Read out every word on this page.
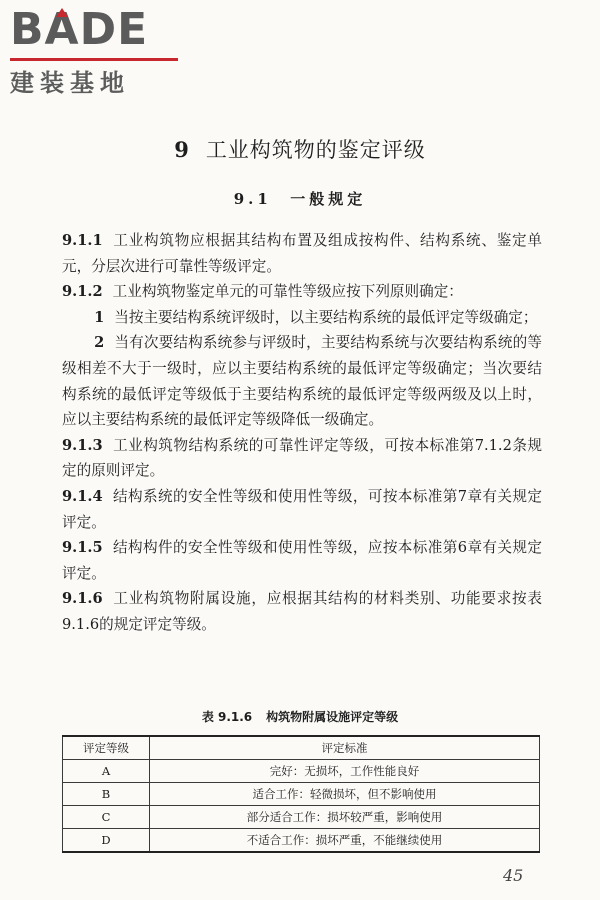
BADE
建装基地
9 工业构筑物的鉴定评级
9.1 一般规定

9.1.1 工业构筑物应根据其结构布置及组成按构件、结构系统、鉴定单元，分层次进行可靠性等级评定。

9.1.2 工业构筑物鉴定单元的可靠性等级应按下列原则确定：

1 当按主要结构系统评级时，以主要结构系统的最低评定等级确定；

2 当有次要结构系统参与评级时，主要结构系统与次要结构系统的等级相差不大于一级时，应以主要结构系统的最低评定等级确定；当次要结构系统的最低评定等级低于主要结构系统的最低评定等级两级及以上时，应以主要结构系统的最低评定等级降低一级确定。

9.1.3 工业构筑物结构系统的可靠性评定等级，可按本标准第7.1.2条规定的原则评定。

9.1.4 结构系统的安全性等级和使用性等级，可按本标准第7章有关规定评定。

9.1.5 结构构件的安全性等级和使用性等级，应按本标准第6章有关规定评定。

9.1.6 工业构筑物附属设施，应根据其结构的材料类别、功能要求按表9.1.6的规定评定等级。

表 9.1.6 构筑物附属设施评定等级
评定等级	评定标准
A	完好：无损坏，工作性能良好
B	适合工作：轻微损坏，但不影响使用
C	部分适合工作：损坏较严重，影响使用
D	不适合工作：损坏严重，不能继续使用
45
